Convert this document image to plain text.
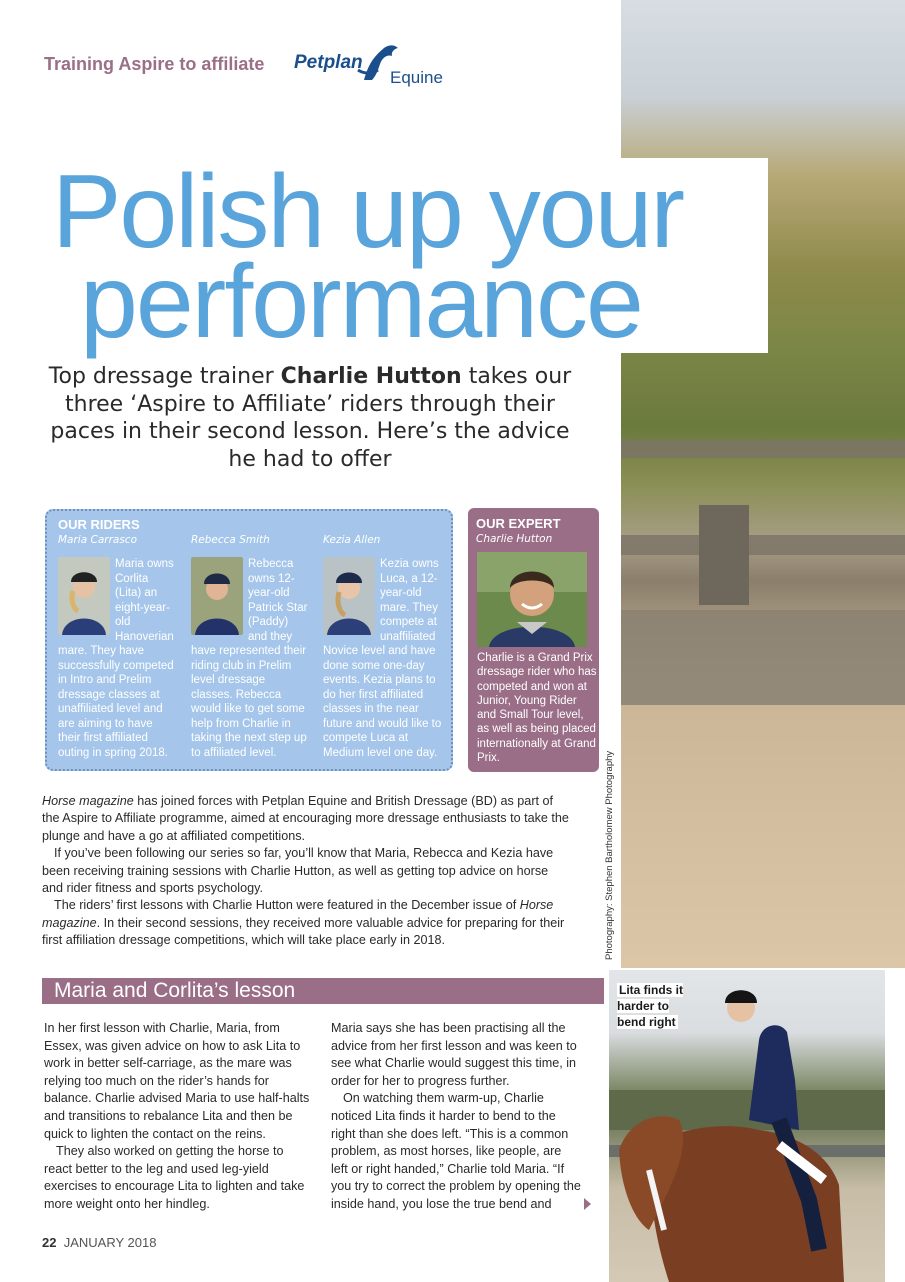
Training Aspire to affiliate Petplan
Equine
Polish up your
performance
Top dressage trainer Charlie Hutton takes our three ‘Aspire to Affiliate’ riders through their paces in their second lesson. Here’s the advice he had to offer
OUR RIDERS
Maria Carrasco	Rebecca Smith	Kezia Allen
Maria owns Corlita (Lita) an eight-year-old Hanoverian mare. They have successfully competed in Intro and Prelim dressage classes at unaffiliated level and are aiming to have their first affiliated outing in spring 2018.
Rebecca owns 12-year-old Patrick Star (Paddy) and they have represented their riding club in Prelim level dressage classes. Rebecca would like to get some help from Charlie in taking the next step up to affiliated level.
Kezia owns Luca, a 12-year-old mare. They compete at unaffiliated Novice level and have done some one-day events. Kezia plans to do her first affiliated classes in the near future and would like to compete Luca at Medium level one day.
OUR EXPERT
Charlie Hutton
Charlie is a Grand Prix dressage rider who has competed and won at Junior, Young Rider and Small Tour level, as well as being placed internationally at Grand Prix.	Photography: Stephen Bartholomew Photography

Horse magazine has joined forces with Petplan Equine and British Dressage (BD) as part of the Aspire to Affiliate programme, aimed at encouraging more dressage enthusiasts to take the plunge and have a go at affiliated competitions.

If you’ve been following our series so far, you’ll know that Maria, Rebecca and Kezia have been receiving training sessions with Charlie Hutton, as well as getting top advice on horse and rider fitness and sports psychology.

The riders’ first lessons with Charlie Hutton were featured in the December issue of Horse magazine. In their second sessions, they received more valuable advice for preparing for their first affiliation dressage competitions, which will take place early in 2018.

Maria and Corlita’s lesson

In her first lesson with Charlie, Maria, from Essex, was given advice on how to ask Lita to work in better self-carriage, as the mare was relying too much on the rider’s hands for balance. Charlie advised Maria to use half-halts and transitions to rebalance Lita and then be quick to lighten the contact on the reins.

They also worked on getting the horse to react better to the leg and used leg-yield exercises to encourage Lita to lighten and take more weight onto her hindleg.

Maria says she has been practising all the advice from her first lesson and was keen to see what Charlie would suggest this time, in order for her to progress further.

On watching them warm-up, Charlie noticed Lita finds it harder to bend to the right than she does left. “This is a common problem, as most horses, like people, are left or right handed,” Charlie told Maria. “If you try to correct the problem by opening the inside hand, you lose the true bend and

Lita finds it harder to bend right
22 JANUARY 2018
